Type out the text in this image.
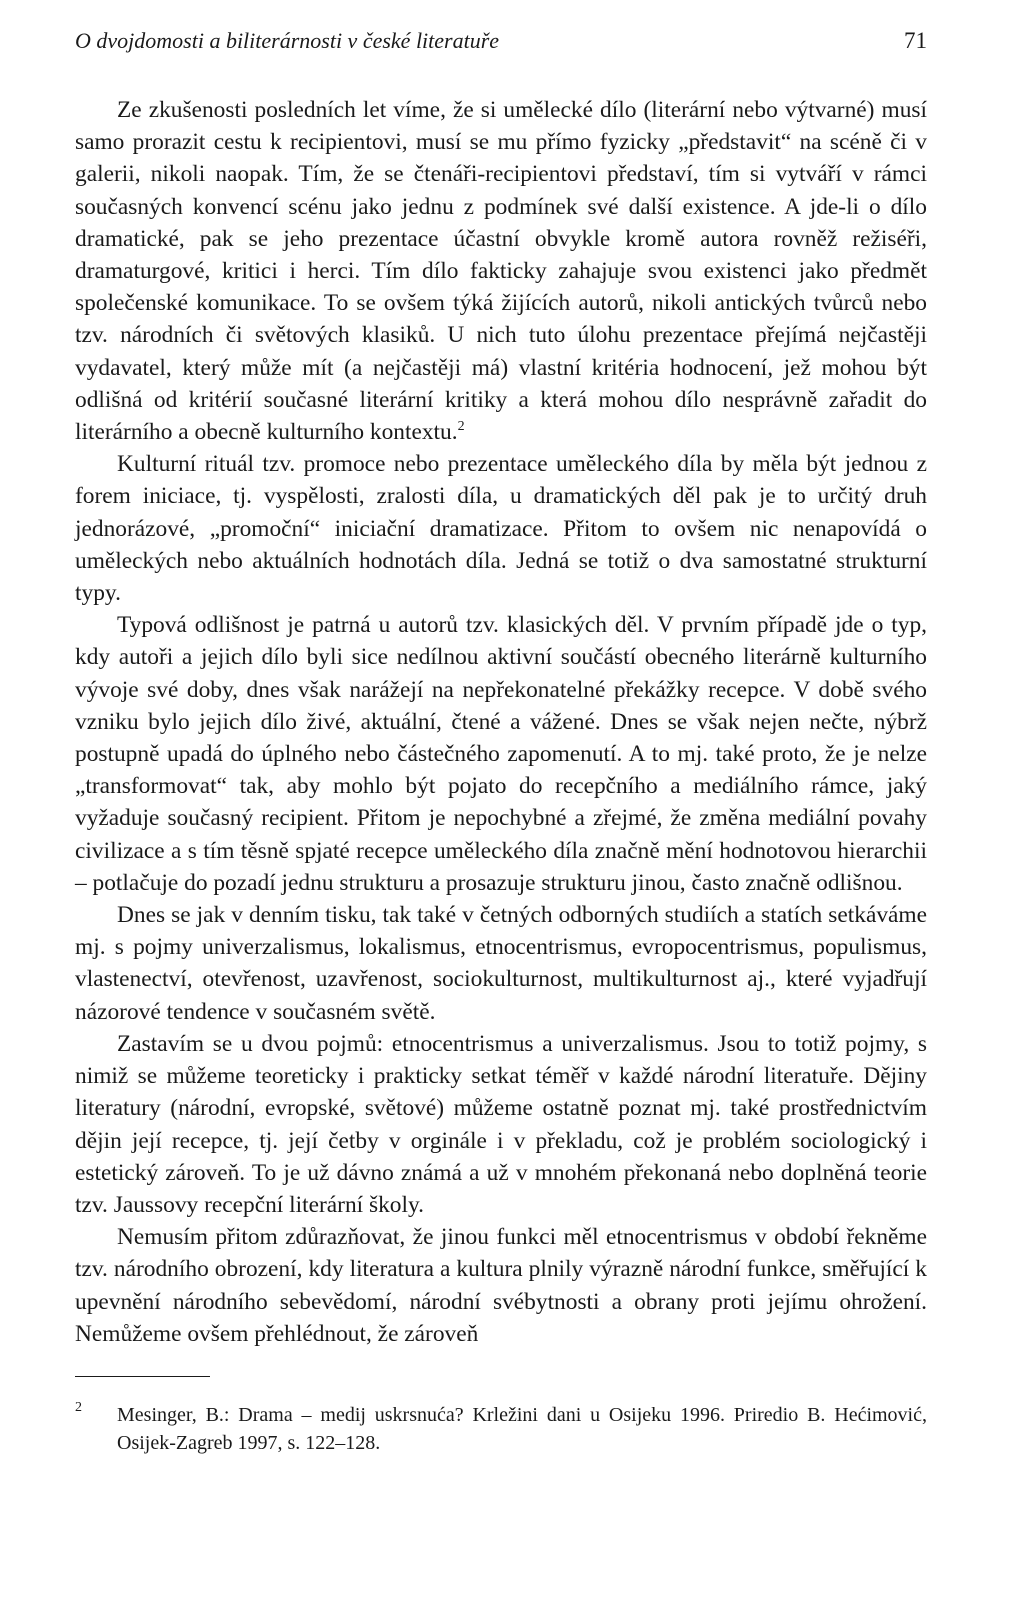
O dvojdomosti a biliterárnosti v české literatuře	71

Ze zkušenosti posledních let víme, že si umělecké dílo (literární nebo výtvarné) musí samo prorazit cestu k recipientovi, musí se mu přímo fyzicky „představit“ na scéně či v galerii, nikoli naopak. Tím, že se čtenáři-recipientovi představí, tím si vytváří v rámci současných konvencí scénu jako jednu z podmínek své další existence. A jde-li o dílo dramatické, pak se jeho prezentace účastní obvykle kromě autora rovněž režiséři, dramaturgové, kritici i herci. Tím dílo fakticky zahajuje svou existenci jako předmět společenské komunikace. To se ovšem týká žijících autorů, nikoli antických tvůrců nebo tzv. národních či světových klasiků. U nich tuto úlohu prezentace přejímá nejčastěji vydavatel, který může mít (a nejčastěji má) vlastní kritéria hodnocení, jež mohou být odlišná od kritérií současné literární kritiky a která mohou dílo nesprávně zařadit do literárního a obecně kulturního kontextu.$^2$

Kulturní rituál tzv. promoce nebo prezentace uměleckého díla by měla být jednou z forem iniciace, tj. vyspělosti, zralosti díla, u dramatických děl pak je to určitý druh jednorázové, „promoční“ iniciační dramatizace. Přitom to ovšem nic nenapovídá o uměleckých nebo aktuálních hodnotách díla. Jedná se totiž o dva samostatné strukturní typy.

Typová odlišnost je patrná u autorů tzv. klasických děl. V prvním případě jde o typ, kdy autoři a jejich dílo byli sice nedílnou aktivní součástí obecného literárně kulturního vývoje své doby, dnes však narážejí na nepřekonatelné překážky recepce. V době svého vzniku bylo jejich dílo živé, aktuální, čtené a vážené. Dnes se však nejen nečte, nýbrž postupně upadá do úplného nebo částečného zapomenutí. A to mj. také proto, že je nelze „transformovat“ tak, aby mohlo být pojato do recepčního a mediálního rámce, jaký vyžaduje současný recipient. Přitom je nepochybné a zřejmé, že změna mediální povahy civilizace a s tím těsně spjaté recepce uměleckého díla značně mění hodnotovou hierarchii – potlačuje do pozadí jednu strukturu a prosazuje strukturu jinou, často značně odlišnou.

Dnes se jak v denním tisku, tak také v četných odborných studiích a statích setkáváme mj. s pojmy univerzalismus, lokalismus, etnocentrismus, evropocentrismus, populismus, vlastenectví, otevřenost, uzavřenost, sociokulturnost, multikulturnost aj., které vyjadřují názorové tendence v současném světě.

Zastavím se u dvou pojmů: etnocentrismus a univerzalismus. Jsou to totiž pojmy, s nimiž se můžeme teoreticky i prakticky setkat téměř v každé národní literatuře. Dějiny literatury (národní, evropské, světové) můžeme ostatně poznat mj. také prostřednictvím dějin její recepce, tj. její četby v orginále i v překladu, což je problém sociologický i estetický zároveň. To je už dávno známá a už v mnohém překonaná nebo doplněná teorie tzv. Jaussovy recepční literární školy.

Nemusím přitom zdůrazňovat, že jinou funkci měl etnocentrismus v období řekněme tzv. národního obrození, kdy literatura a kultura plnily výrazně národní funkce, směřující k upevnění národního sebevědomí, národní svébytnosti a obrany proti jejímu ohrožení. Nemůžeme ovšem přehlédnout, že zároveň

2	Mesinger, B.: Drama – medij uskrsnuća? Krležini dani u Osijeku 1996. Priredio B. Hećimović, Osijek-Zagreb 1997, s. 122–128.
